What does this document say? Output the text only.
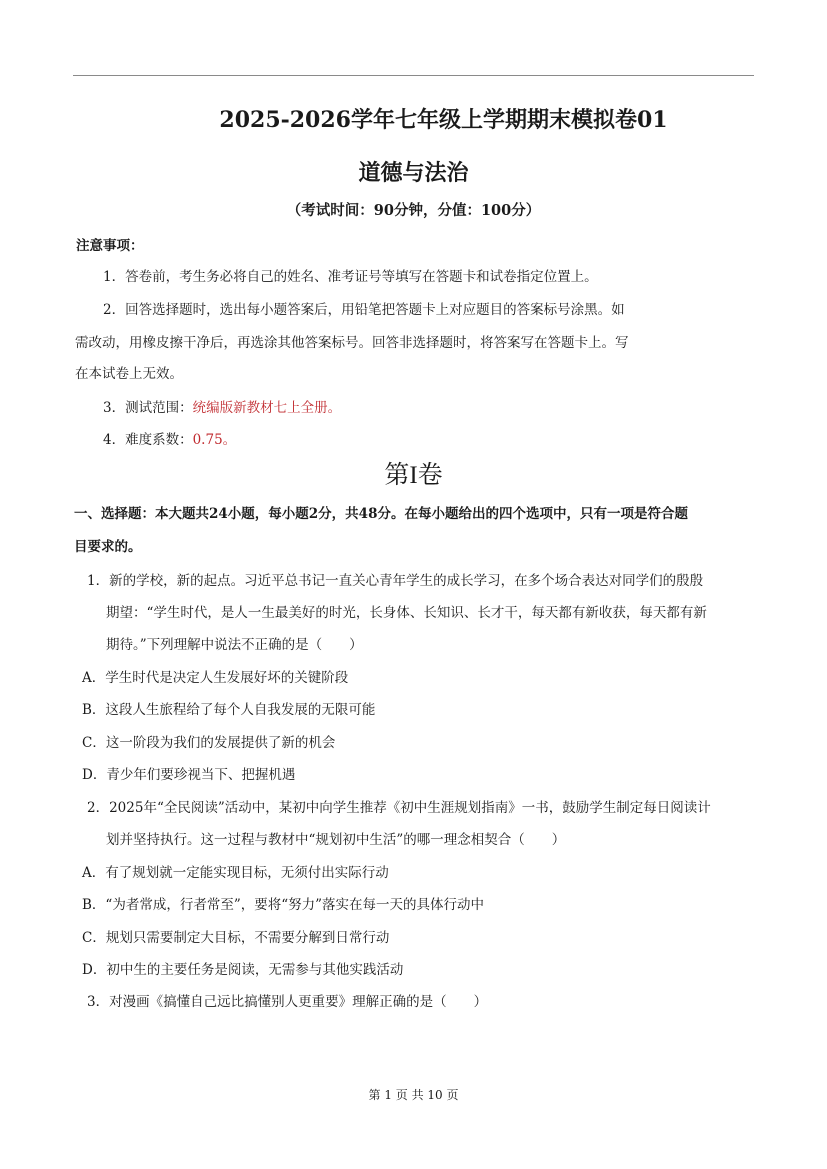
2025-2026学年七年级上学期期末模拟卷01
道德与法治
（考试时间：90分钟，分值：100分）
注意事项：
1．答卷前，考生务必将自己的姓名、准考证号等填写在答题卡和试卷指定位置上。
2．回答选择题时，选出每小题答案后，用铅笔把答题卡上对应题目的答案标号涂黑。如
需改动，用橡皮擦干净后，再选涂其他答案标号。回答非选择题时，将答案写在答题卡上。写
在本试卷上无效。
3．测试范围：统编版新教材七上全册。
4．难度系数：0.75。
第I卷
一、选择题：本大题共24小题，每小题2分，共48分。在每小题给出的四个选项中，只有一项是符合题
目要求的。
1．新的学校，新的起点。习近平总书记一直关心青年学生的成长学习，在多个场合表达对同学们的殷殷
期望：“学生时代，是人一生最美好的时光，长身体、长知识、长才干，每天都有新收获，每天都有新
期待。”下列理解中说法不正确的是（　　）
A．学生时代是决定人生发展好坏的关键阶段
B．这段人生旅程给了每个人自我发展的无限可能
C．这一阶段为我们的发展提供了新的机会
D．青少年们要珍视当下、把握机遇
2．2025年“全民阅读”活动中，某初中向学生推荐《初中生涯规划指南》一书，鼓励学生制定每日阅读计
划并坚持执行。这一过程与教材中“规划初中生活”的哪一理念相契合（　　）
A．有了规划就一定能实现目标，无须付出实际行动
B．“为者常成，行者常至”，要将“努力”落实在每一天的具体行动中
C．规划只需要制定大目标，不需要分解到日常行动
D．初中生的主要任务是阅读，无需参与其他实践活动
3．对漫画《搞懂自己远比搞懂别人更重要》理解正确的是（　　）
第 1 页 共 10 页
